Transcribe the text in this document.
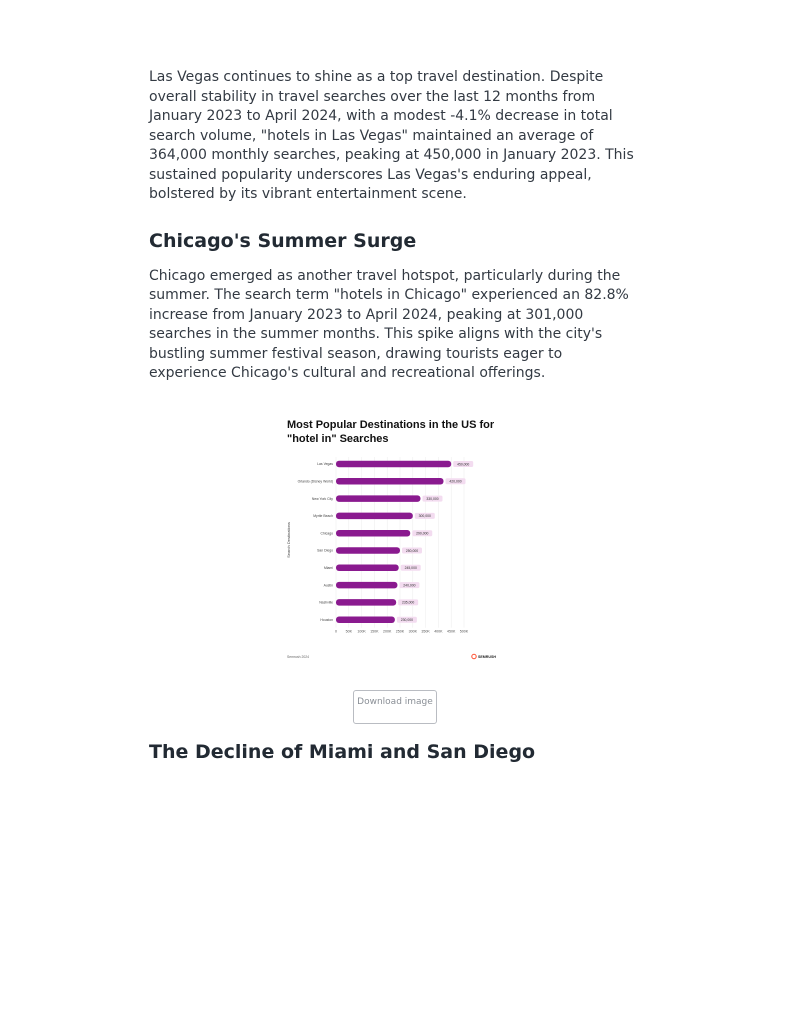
Las Vegas continues to shine as a top travel destination. Despite overall stability in travel searches over the last 12 months from January 2023 to April 2024, with a modest -4.1% decrease in total search volume, "hotels in Las Vegas" maintained an average of 364,000 monthly searches, peaking at 450,000 in January 2023. This sustained popularity underscores Las Vegas's enduring appeal, bolstered by its vibrant entertainment scene.

Chicago's Summer Surge

Chicago emerged as another travel hotspot, particularly during the summer. The search term "hotels in Chicago" experienced an 82.8% increase from January 2023 to April 2024, peaking at 301,000 searches in the summer months. This spike aligns with the city's bustling summer festival season, drawing tourists eager to experience Chicago's cultural and recreational offerings.

Most Popular Destinations in the US for "hotel in" Searches

0 50K 100K 150K 200K 250K 300K 350K 400K 450K 500K
Search Destinations
Las Vegas	450,000
Orlando (Disney World)	420,000
New York City	330,000
Myrtle Beach	300,000
Chicago	290,000
San Diego	250,000
Miami	245,000
Austin	240,000
Nashville	235,000
Houston	230,000
Semrush 2024	SEMRUSH
Download image
The Decline of Miami and San Diego
